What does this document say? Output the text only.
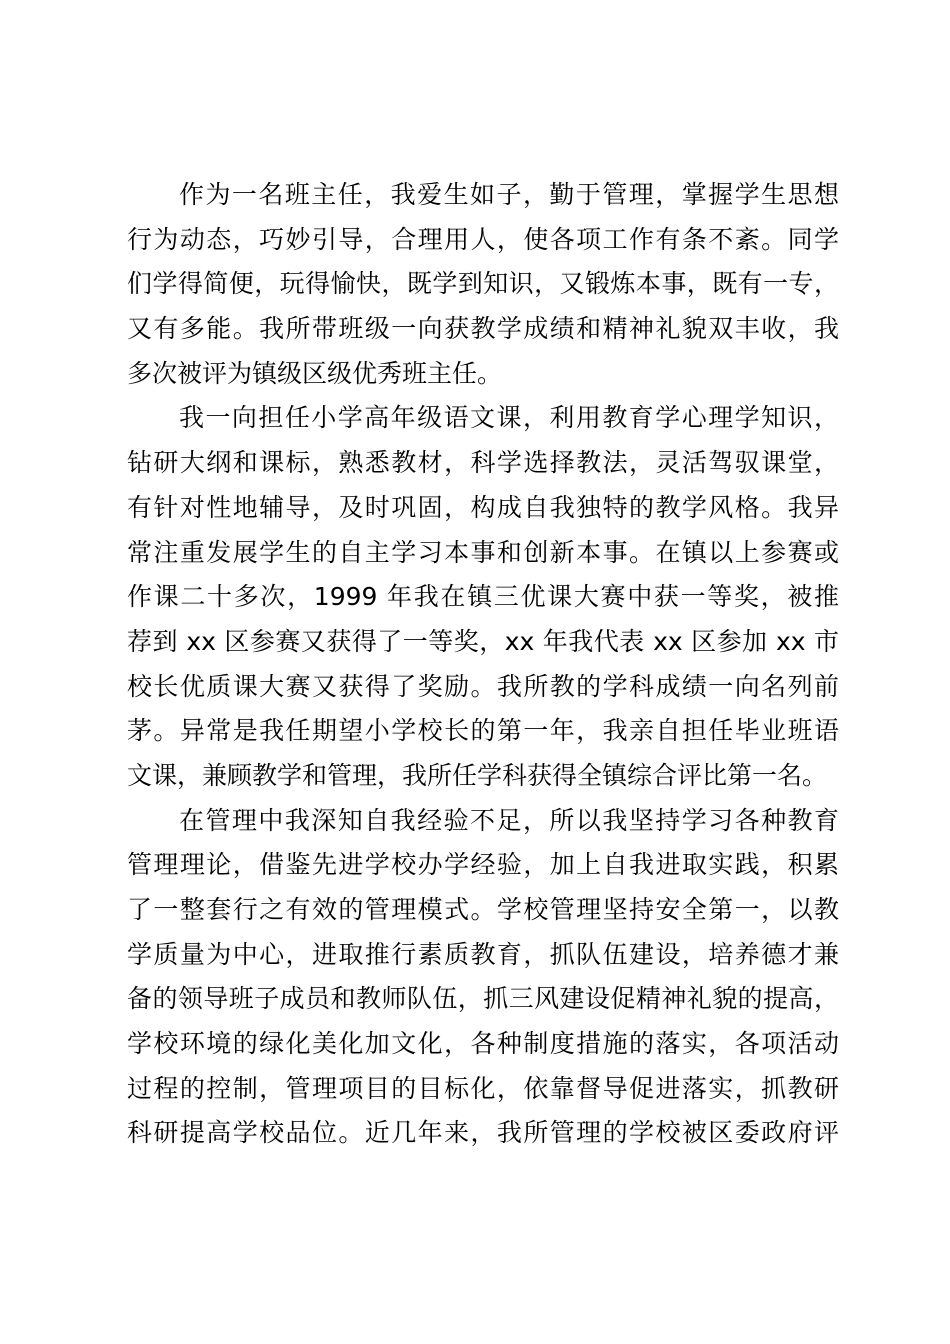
作为一名班主任，我爱生如子，勤于管理，掌握学生思想
行为动态，巧妙引导，合理用人，使各项工作有条不紊。同学
们学得简便，玩得愉快，既学到知识，又锻炼本事，既有一专，
又有多能。我所带班级一向获教学成绩和精神礼貌双丰收，我
多次被评为镇级区级优秀班主任。
我一向担任小学高年级语文课，利用教育学心理学知识，
钻研大纲和课标，熟悉教材，科学选择教法，灵活驾驭课堂，
有针对性地辅导，及时巩固，构成自我独特的教学风格。我异
常注重发展学生的自主学习本事和创新本事。在镇以上参赛或
作课二十多次，1999 年我在镇三优课大赛中获一等奖，被推
荐到 xx 区参赛又获得了一等奖，xx 年我代表 xx 区参加 xx 市
校长优质课大赛又获得了奖励。我所教的学科成绩一向名列前
茅。异常是我任期望小学校长的第一年，我亲自担任毕业班语
文课，兼顾教学和管理，我所任学科获得全镇综合评比第一名。
在管理中我深知自我经验不足，所以我坚持学习各种教育
管理理论，借鉴先进学校办学经验，加上自我进取实践，积累
了一整套行之有效的管理模式。学校管理坚持安全第一，以教
学质量为中心，进取推行素质教育，抓队伍建设，培养德才兼
备的领导班子成员和教师队伍，抓三风建设促精神礼貌的提高，
学校环境的绿化美化加文化，各种制度措施的落实，各项活动
过程的控制，管理项目的目标化，依靠督导促进落实，抓教研
科研提高学校品位。近几年来，我所管理的学校被区委政府评
